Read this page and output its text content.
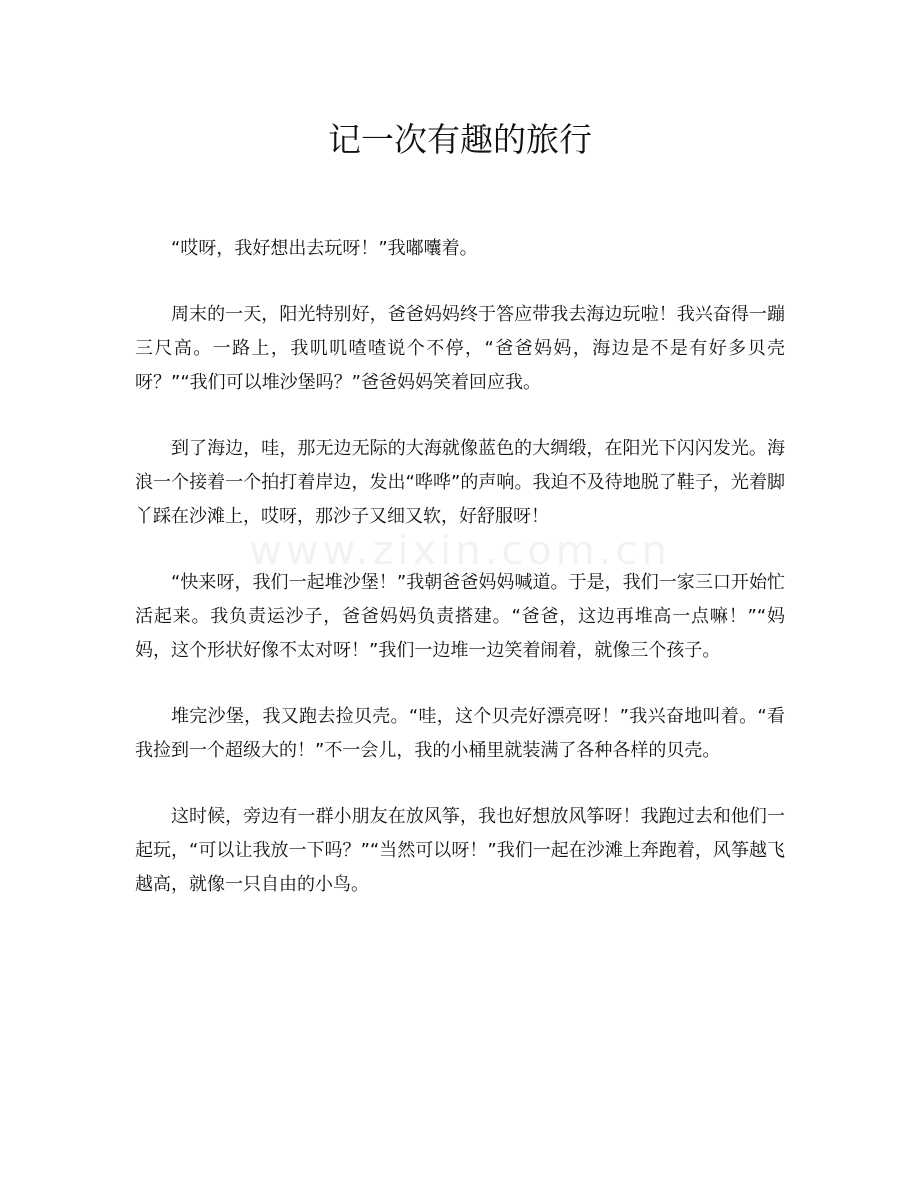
www.zixin.com.cn
记一次有趣的旅行

“哎呀，我好想出去玩呀！”我嘟囔着。

周末的一天，阳光特别好，爸爸妈妈终于答应带我去海边玩啦！我兴奋得一蹦三尺高。一路上，我叽叽喳喳说个不停，“爸爸妈妈，海边是不是有好多贝壳呀？”“我们可以堆沙堡吗？”爸爸妈妈笑着回应我。

到了海边，哇，那无边无际的大海就像蓝色的大绸缎，在阳光下闪闪发光。海浪一个接着一个拍打着岸边，发出“哗哗”的声响。我迫不及待地脱了鞋子，光着脚丫踩在沙滩上，哎呀，那沙子又细又软，好舒服呀！

“快来呀，我们一起堆沙堡！”我朝爸爸妈妈喊道。于是，我们一家三口开始忙活起来。我负责运沙子，爸爸妈妈负责搭建。“爸爸，这边再堆高一点嘛！”“妈妈，这个形状好像不太对呀！”我们一边堆一边笑着闹着，就像三个孩子。

堆完沙堡，我又跑去捡贝壳。“哇，这个贝壳好漂亮呀！”我兴奋地叫着。“看我捡到一个超级大的！”不一会儿，我的小桶里就装满了各种各样的贝壳。

这时候，旁边有一群小朋友在放风筝，我也好想放风筝呀！我跑过去和他们一起玩，“可以让我放一下吗？”“当然可以呀！”我们一起在沙滩上奔跑着，风筝越飞越高，就像一只自由的小鸟。
